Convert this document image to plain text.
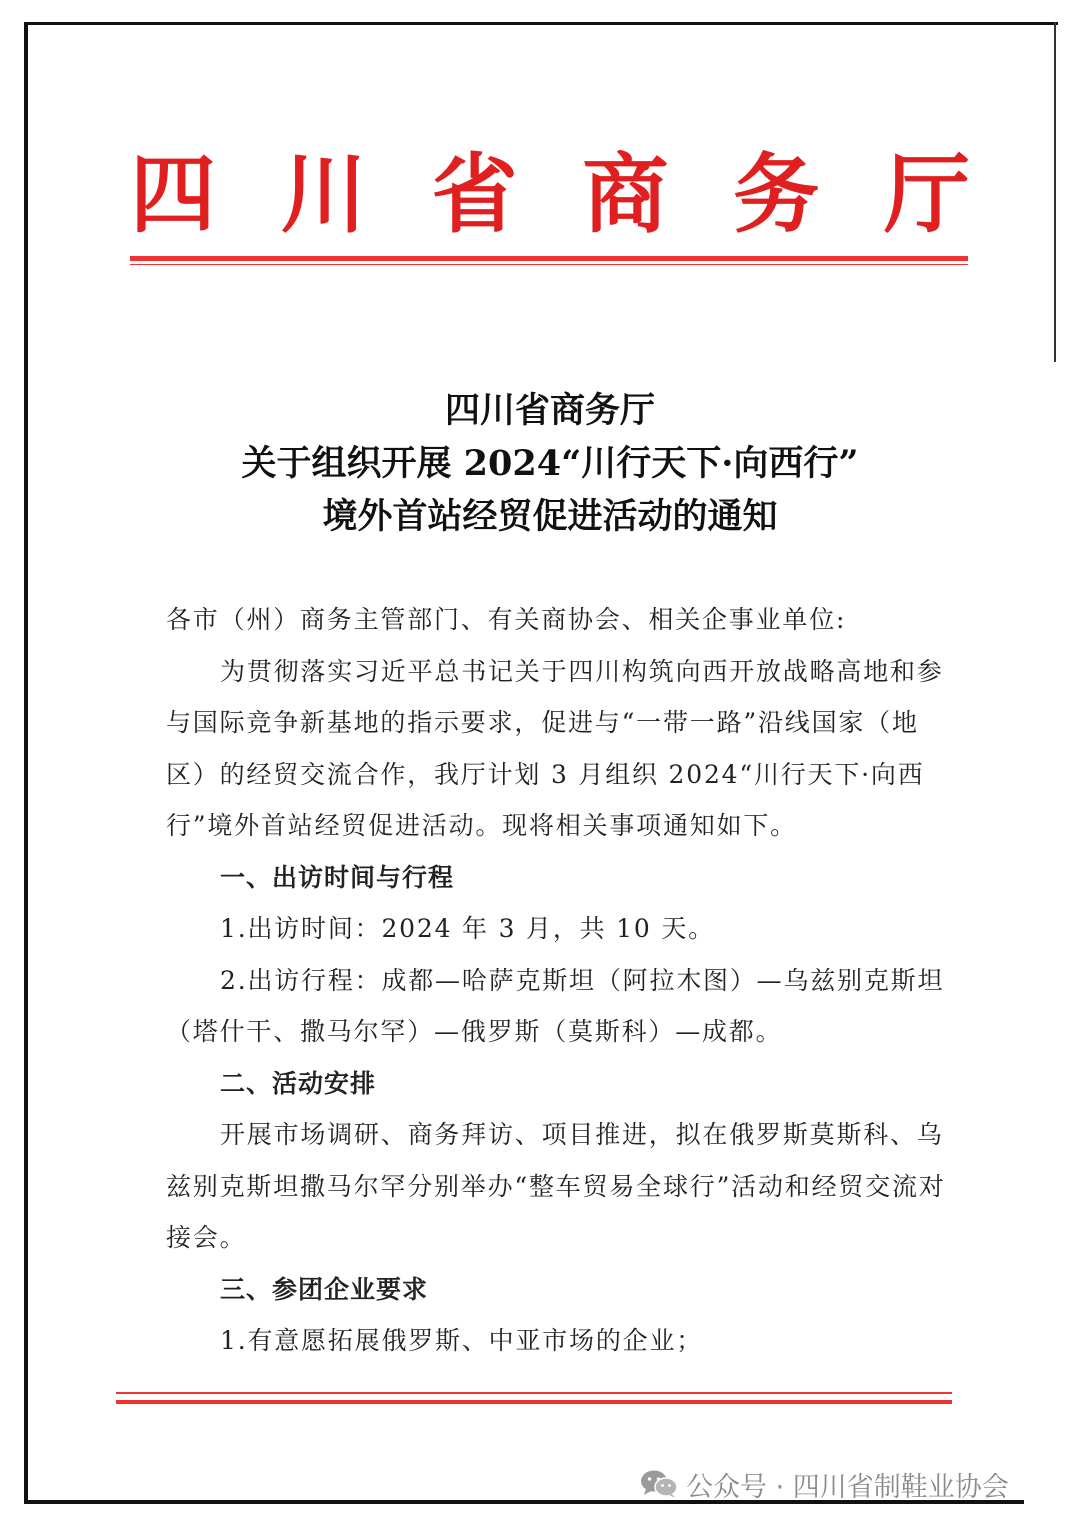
四 川 省 商 务 厅
四川省商务厅
关于组织开展 2024“川行天下·向西行”
境外首站经贸促进活动的通知

各市（州）商务主管部门、有关商协会、相关企事业单位:

为贯彻落实习近平总书记关于四川构筑向西开放战略高地和参与国际竞争新基地的指示要求，促进与“一带一路”沿线国家（地区）的经贸交流合作，我厅计划 3 月组织 2024“川行天下·向西行”境外首站经贸促进活动。现将相关事项通知如下。

一、出访时间与行程

1.出访时间：2024 年 3 月，共 10 天。

2.出访行程：成都—哈萨克斯坦（阿拉木图）—乌兹别克斯坦（塔什干、撒马尔罕）—俄罗斯（莫斯科）—成都。

二、活动安排

开展市场调研、商务拜访、项目推进，拟在俄罗斯莫斯科、乌兹别克斯坦撒马尔罕分别举办“整车贸易全球行”活动和经贸交流对接会。

三、参团企业要求

1.有意愿拓展俄罗斯、中亚市场的企业；

公众号 · 四川省制鞋业协会
